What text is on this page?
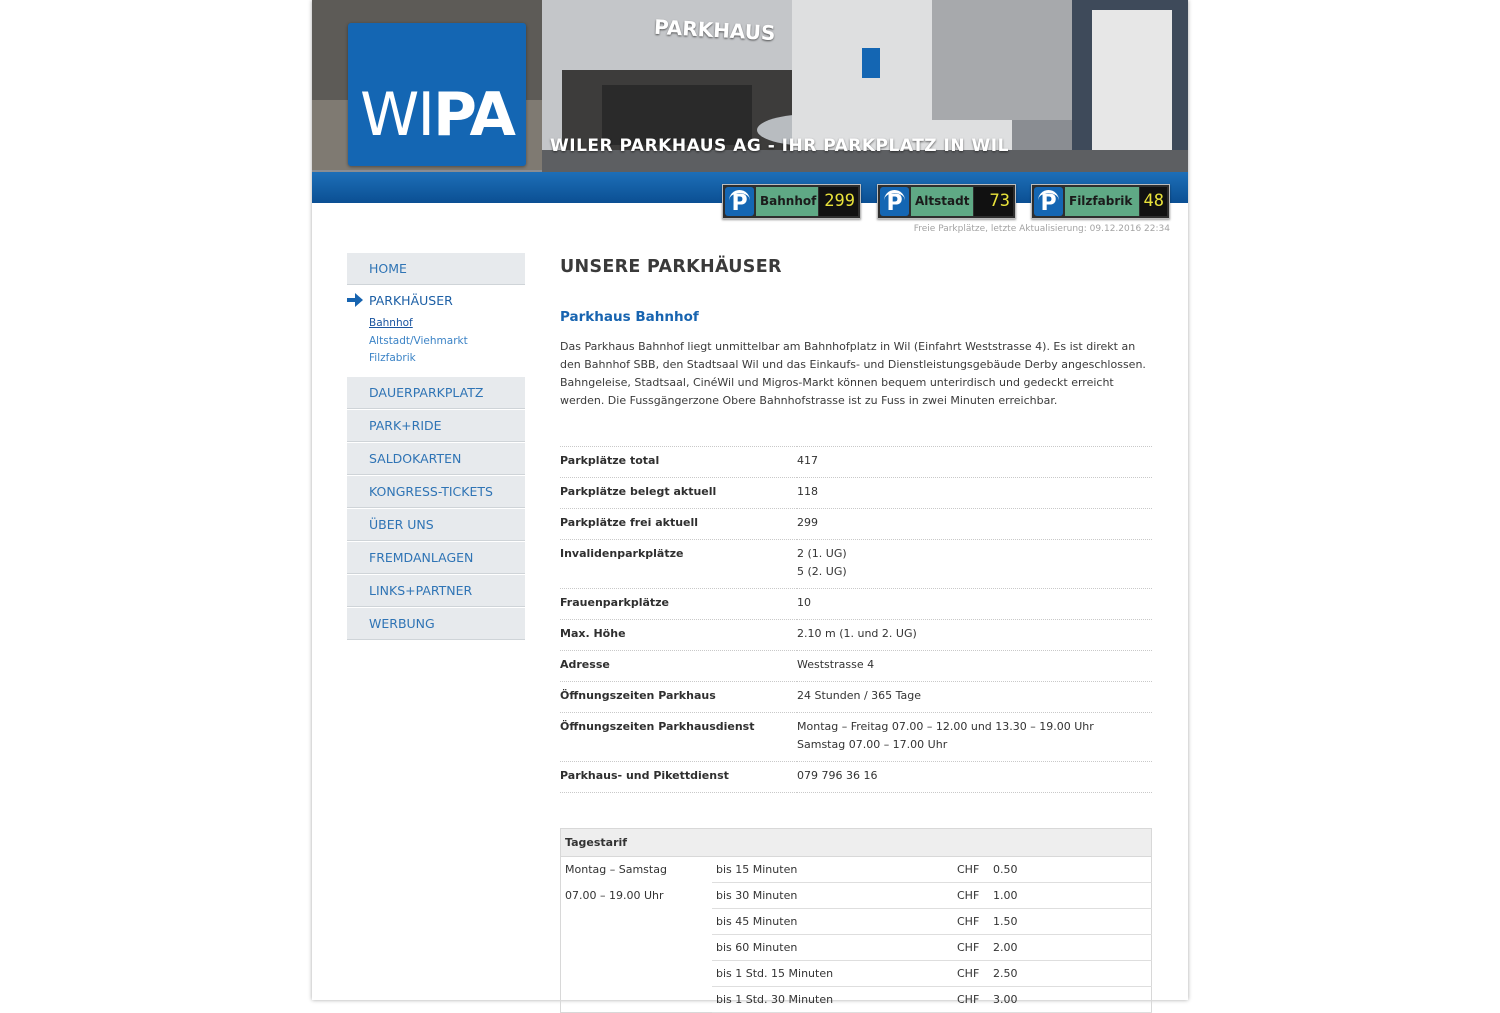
PARKHAUS
WIPA	WILER PARKHAUS AG - IHR PARKPLATZ IN WIL
P	Bahnhof 299 P	Altstadt	73 P	Filzfabrik 48
Freie Parkplätze, letzte Aktualisierung: 09.12.2016 22:34
HOME
PARKHÄUSER
Bahnhof
Altstadt/Viehmarkt
Filzfabrik
DAUERPARKPLATZ
PARK+RIDE
SALDOKARTEN
KONGRESS-TICKETS
ÜBER UNS
FREMDANLAGEN
LINKS+PARTNER
WERBUNG
UNSERE PARKHÄUSER
Parkhaus Bahnhof

Das Parkhaus Bahnhof liegt unmittelbar am Bahnhofplatz in Wil (Einfahrt Weststrasse 4). Es ist direkt an den Bahnhof SBB, den Stadtsaal Wil und das Einkaufs- und Dienstleistungsgebäude Derby angeschlossen. Bahngeleise, Stadtsaal, CinéWil und Migros-Markt können bequem unterirdisch und gedeckt erreicht werden. Die Fussgängerzone Obere Bahnhofstrasse ist zu Fuss in zwei Minuten erreichbar.

Parkplätze total	417

Parkplätze belegt aktuell	118

Parkplätze frei aktuell	299

Invalidenparkplätze	2 (1. UG)
5 (2. UG)

Frauenparkplätze	10

Max. Höhe	2.10 m (1. und 2. UG)

Adresse	Weststrasse 4

Öffnungszeiten Parkhaus	24 Stunden / 365 Tage

Öffnungszeiten Parkhausdienst	Montag – Freitag 07.00 – 12.00 und 13.30 – 19.00 Uhr
Samstag 07.00 – 17.00 Uhr

Parkhaus- und Pikettdienst	079 796 36 16
Tagestarif			
Montag – Samstag	bis 15 Minuten	CHF	0.50
07.00 – 19.00 Uhr	bis 30 Minuten	CHF	1.00
	bis 45 Minuten	CHF	1.50
	bis 60 Minuten	CHF	2.00
	bis 1 Std. 15 Minuten	CHF	2.50
	bis 1 Std. 30 Minuten	CHF	3.00
